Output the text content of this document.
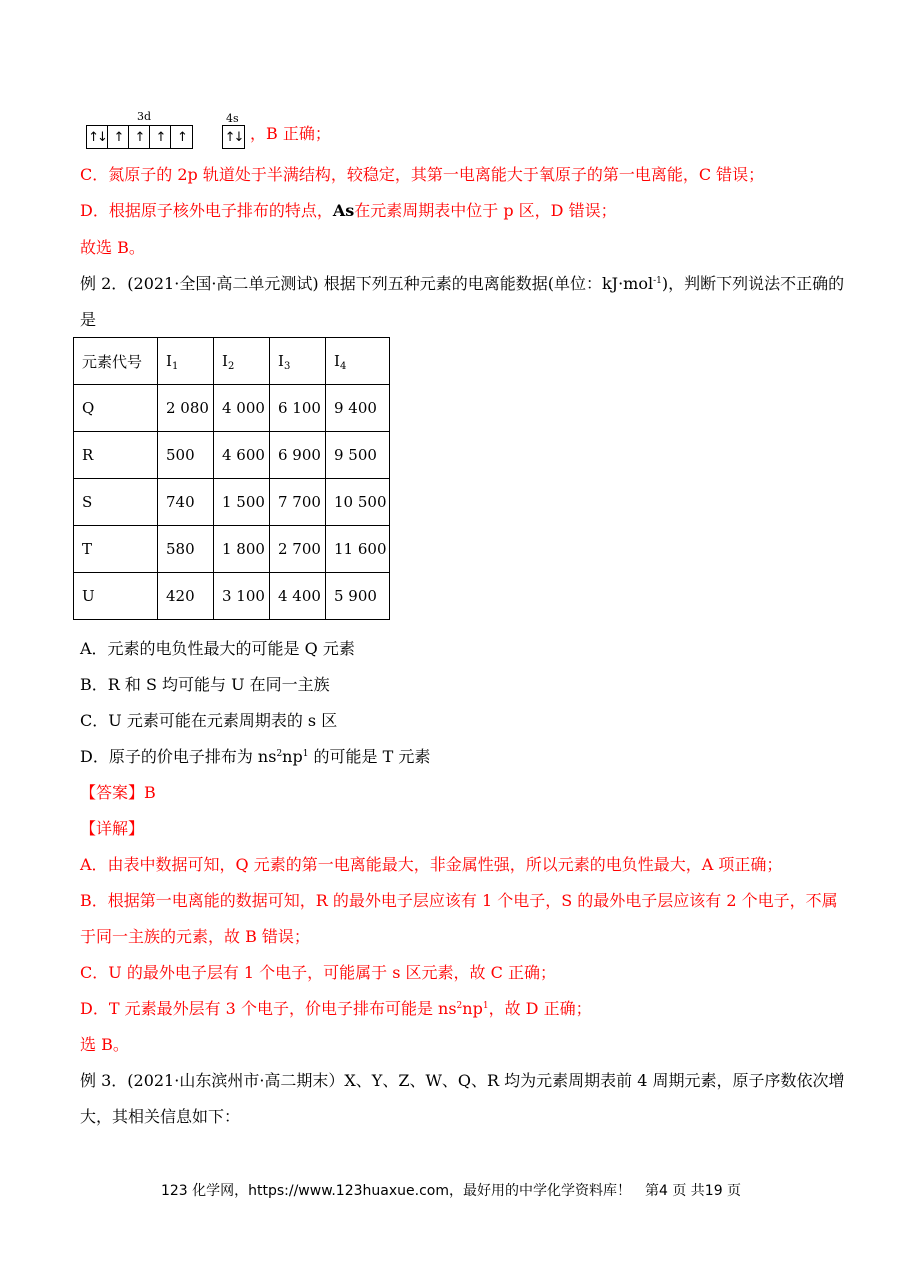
3d
↑↓ ↑ ↑ ↑ ↑
4s
↑↓ ，B 正确；
C．氮原子的 2p 轨道处于半满结构，较稳定，其第一电离能大于氧原子的第一电离能，C 错误；
D．根据原子核外电子排布的特点，As在元素周期表中位于 p 区，D 错误；
故选 B。
例 2．(2021·全国·高二单元测试) 根据下列五种元素的电离能数据(单位：kJ·mol$^{-1}$)，判断下列说法不正确的
是
元素代号	$I_1$	$I_2$	$I_3$	$I_4$
Q	2 080	4 000	6 100	9 400
R	500	4 600	6 900	9 500
S	740	1 500	7 700	10 500
T	580	1 800	2 700	11 600
U	420	3 100	4 400	5 900
A．元素的电负性最大的可能是 Q 元素
B．R 和 S 均可能与 U 在同一主族
C．U 元素可能在元素周期表的 s 区
D．原子的价电子排布为 $ns^2np^1$ 的可能是 T 元素
【答案】B
【详解】
A．由表中数据可知，Q 元素的第一电离能最大，非金属性强，所以元素的电负性最大，A 项正确；
B．根据第一电离能的数据可知，R 的最外电子层应该有 1 个电子，S 的最外电子层应该有 2 个电子，不属
于同一主族的元素，故 B 错误；
C．U 的最外电子层有 1 个电子，可能属于 s 区元素，故 C 正确；
D．T 元素最外层有 3 个电子，价电子排布可能是 $ns^2np^1$，故 D 正确；
选 B。
例 3．(2021·山东滨州市·高二期末）X、Y、Z、W、Q、R 均为元素周期表前 4 周期元素，原子序数依次增
大，其相关信息如下：
123 化学网，https://www.123huaxue.com，最好用的中学化学资料库！　第4 页 共19 页
